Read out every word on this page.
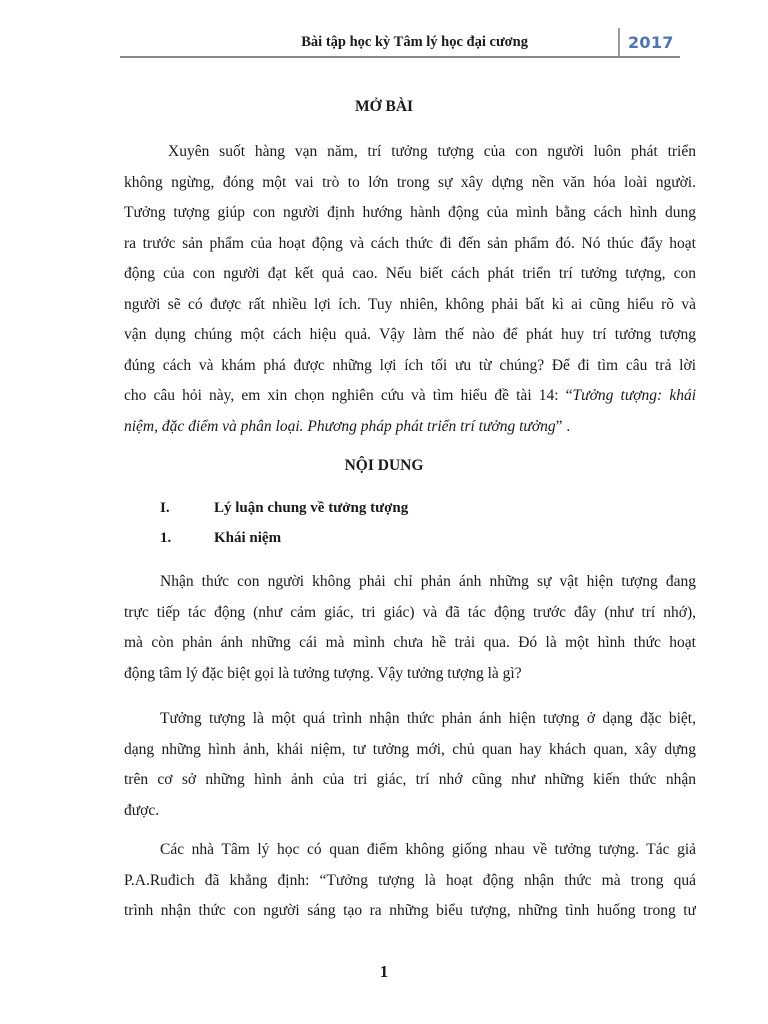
Bài tập học kỳ Tâm lý học đại cương	2017
MỞ BÀI
Xuyên suốt hàng vạn năm, trí tưởng tượng của con người luôn phát triển
không ngừng, đóng một vai trò to lớn trong sự xây dựng nền văn hóa loài người.
Tưởng tượng giúp con người định hướng hành động của mình bằng cách hình dung
ra trước sản phẩm của hoạt động và cách thức đi đến sản phẩm đó. Nó thúc đẩy hoạt
động của con người đạt kết quả cao. Nếu biết cách phát triển trí tưởng tượng, con
người sẽ có được rất nhiều lợi ích. Tuy nhiên, không phải bất kì ai cũng hiểu rõ và
vận dụng chúng một cách hiệu quả. Vậy làm thế nào để phát huy trí tưởng tượng
đúng cách và khám phá được những lợi ích tối ưu từ chúng? Để đi tìm câu trả lời
cho câu hỏi này, em xin chọn nghiên cứu và tìm hiểu đề tài 14: “Tưởng tượng: khái
niệm, đặc điểm và phân loại. Phương pháp phát triển trí tưởng tưởng” .
NỘI DUNG
I.	Lý luận chung về tưởng tượng
1.	Khái niệm
Nhận thức con người không phải chỉ phản ánh những sự vật hiện tượng đang
trực tiếp tác động (như cảm giác, tri giác) và đã tác động trước đây (như trí nhớ),
mà còn phản ánh những cái mà mình chưa hề trải qua. Đó là một hình thức hoạt
động tâm lý đặc biệt gọi là tưởng tượng. Vậy tưởng tượng là gì?
Tưởng tượng là một quá trình nhận thức phản ánh hiện tượng ở dạng đặc biệt,
dạng những hình ảnh, khái niệm, tư tưởng mới, chủ quan hay khách quan, xây dựng
trên cơ sở những hình ảnh của tri giác, trí nhớ cũng như những kiến thức nhận
được.
Các nhà Tâm lý học có quan điểm không giống nhau về tưởng tượng. Tác giả
P.A.Ruđich đã khẳng định: “Tưởng tượng là hoạt động nhận thức mà trong quá
trình nhận thức con người sáng tạo ra những biểu tượng, những tình huống trong tư
1
